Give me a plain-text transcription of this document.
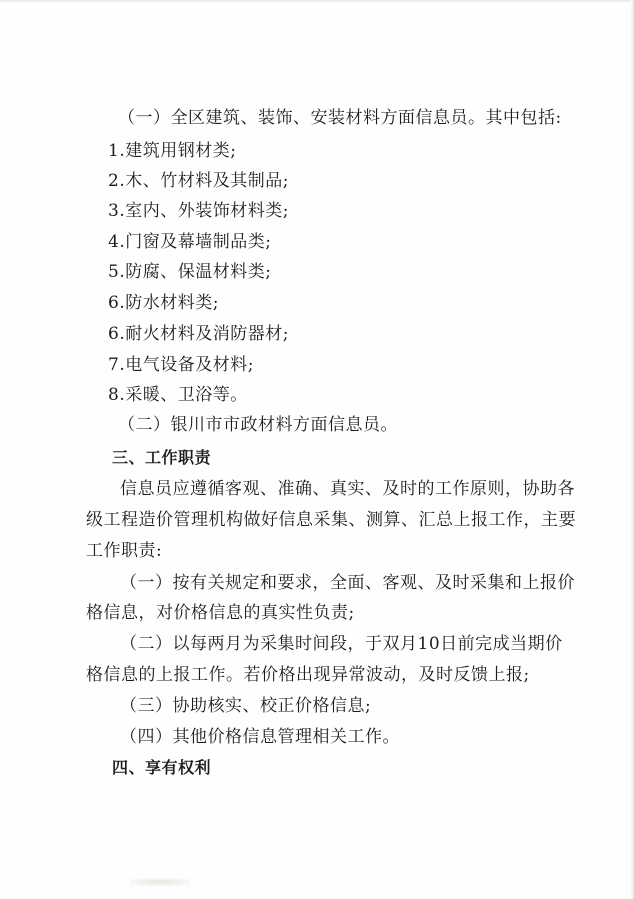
（一）全区建筑、装饰、安装材料方面信息员。其中包括:
1.建筑用钢材类;
2.木、竹材料及其制品;
3.室内、外装饰材料类;
4.门窗及幕墙制品类;
5.防腐、保温材料类;
6.防水材料类;
6.耐火材料及消防器材;
7.电气设备及材料;
8.采暖、卫浴等。
（二）银川市市政材料方面信息员。
三、工作职责
信息员应遵循客观、准确、真实、及时的工作原则，协助各
级工程造价管理机构做好信息采集、测算、汇总上报工作，主要
工作职责:
（一）按有关规定和要求，全面、客观、及时采集和上报价
格信息，对价格信息的真实性负责;
（二）以每两月为采集时间段，于双月10日前完成当期价
格信息的上报工作。若价格出现异常波动，及时反馈上报;
（三）协助核实、校正价格信息;
（四）其他价格信息管理相关工作。
四、享有权利
